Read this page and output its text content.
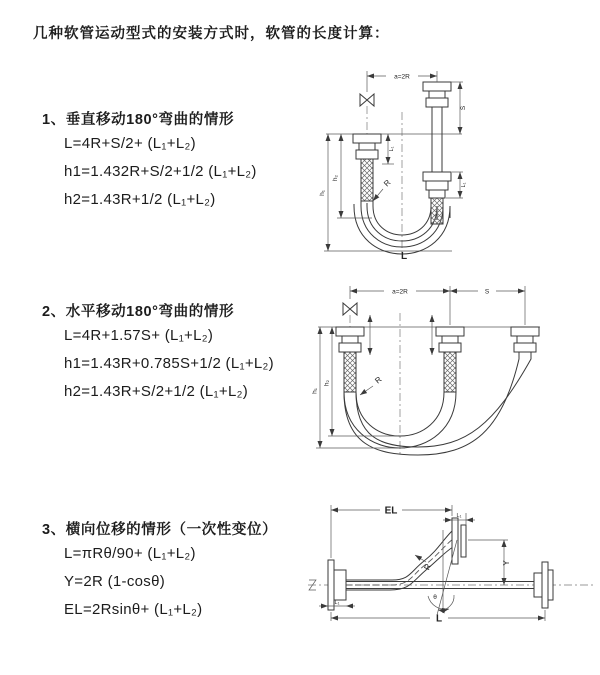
几种软管运动型式的安装方式时，软管的长度计算：
1、垂直移动180°弯曲的情形
L=4R+S/2+ (L₁+L₂)
h1=1.432R+S/2+1/2 (L₁+L₂)
h2=1.43R+1/2 (L₁+L₂)
2、水平移动180°弯曲的情形
L=4R+1.57S+ (L₁+L₂)
h1=1.43R+0.785S+1/2 (L₁+L₂)
h2=1.43R+S/2+1/2 (L₁+L₂)
3、横向位移的情形（一次性变位）
L=πRθ/90+ (L₁+L₂)
Y=2R (1-cosθ)
EL=2Rsinθ+ (L₁+L₂)
a=2R
h₁
h₂
S
L₁
L₁
R
L
a=2R	S
h₁
h₂	R
θ
R
EL	L₁
Y
L
L₁
